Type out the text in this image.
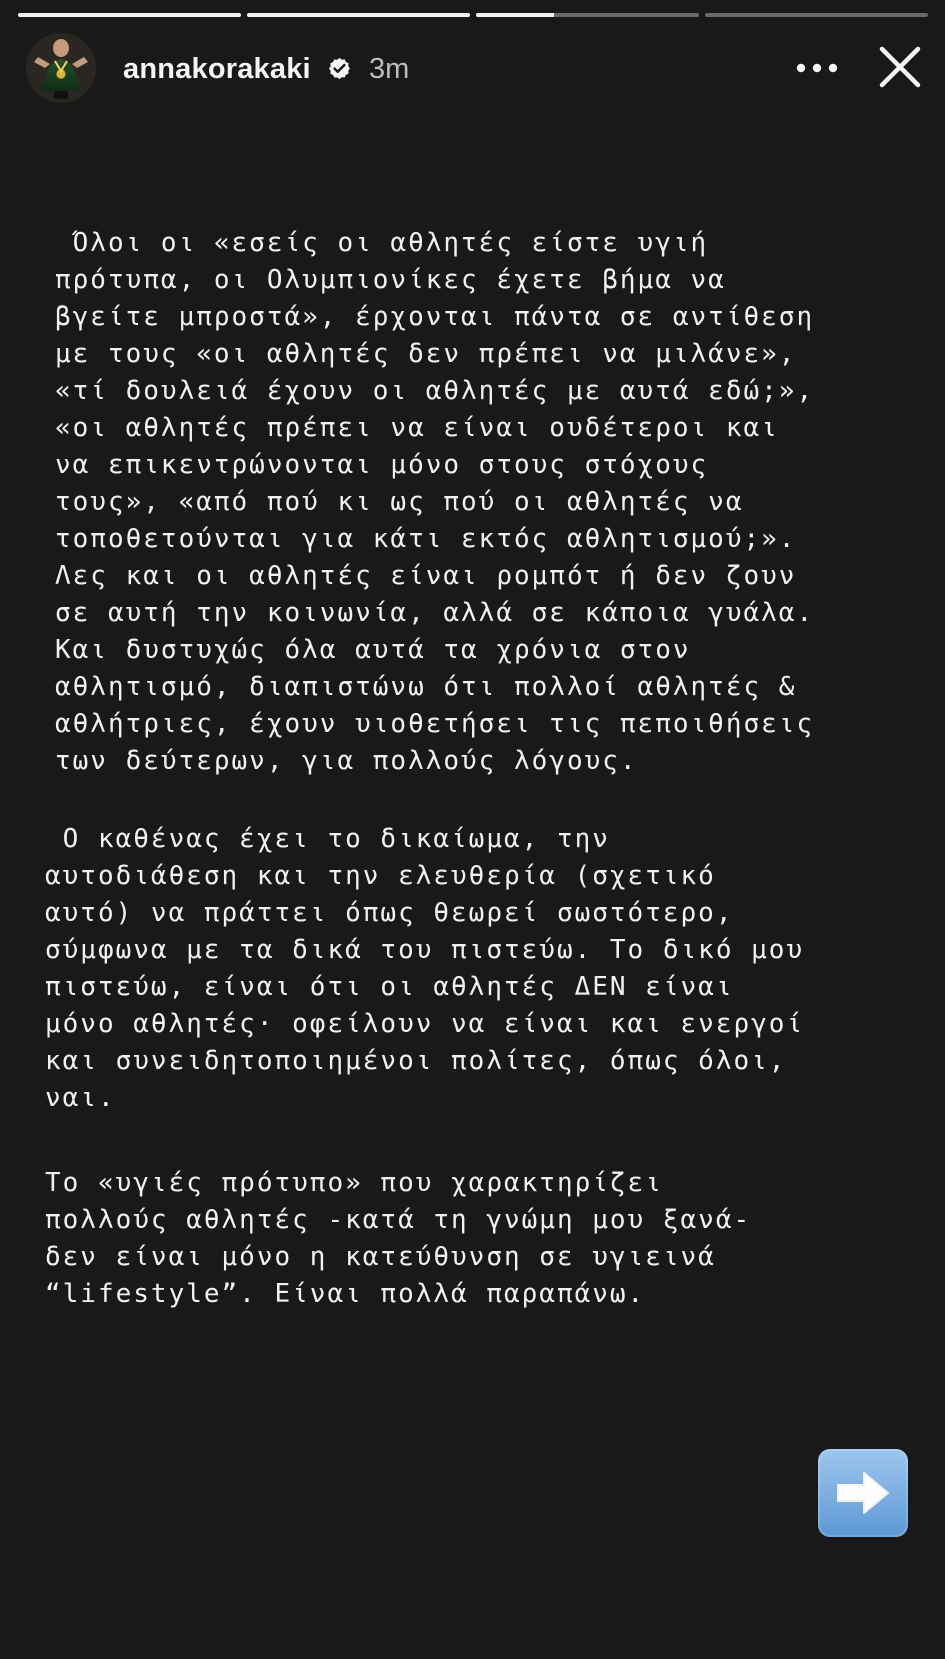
annakorakaki 3m
Όλοι οι «εσείς οι αθλητές είστε υγιή
πρότυπα, οι Ολυμπιονίκες έχετε βήμα να
βγείτε μπροστά», έρχονται πάντα σε αντίθεση
με τους «οι αθλητές δεν πρέπει να μιλάνε»,
«τί δουλειά έχουν οι αθλητές με αυτά εδώ;»,
«οι αθλητές πρέπει να είναι ουδέτεροι και
να επικεντρώνονται μόνο στους στόχους
τους», «από πού κι ως πού οι αθλητές να
τοποθετούνται για κάτι εκτός αθλητισμού;».
Λες και οι αθλητές είναι ρομπότ ή δεν ζουν
σε αυτή την κοινωνία, αλλά σε κάποια γυάλα.
Και δυστυχώς όλα αυτά τα χρόνια στον
αθλητισμό, διαπιστώνω ότι πολλοί αθλητές &
αθλήτριες, έχουν υιοθετήσει τις πεποιθήσεις
των δεύτερων, για πολλούς λόγους.
Ο καθένας έχει το δικαίωμα, την
αυτοδιάθεση και την ελευθερία (σχετικό
αυτό) να πράττει όπως θεωρεί σωστότερο,
σύμφωνα με τα δικά του πιστεύω. Το δικό μου
πιστεύω, είναι ότι οι αθλητές ΔΕΝ είναι
μόνο αθλητές· οφείλουν να είναι και ενεργοί
και συνειδητοποιημένοι πολίτες, όπως όλοι,
ναι.
Το «υγιές πρότυπο» που χαρακτηρίζει
πολλούς αθλητές -κατά τη γνώμη μου ξανά-
δεν είναι μόνο η κατεύθυνση σε υγιεινά
“lifestyle”. Είναι πολλά παραπάνω.
